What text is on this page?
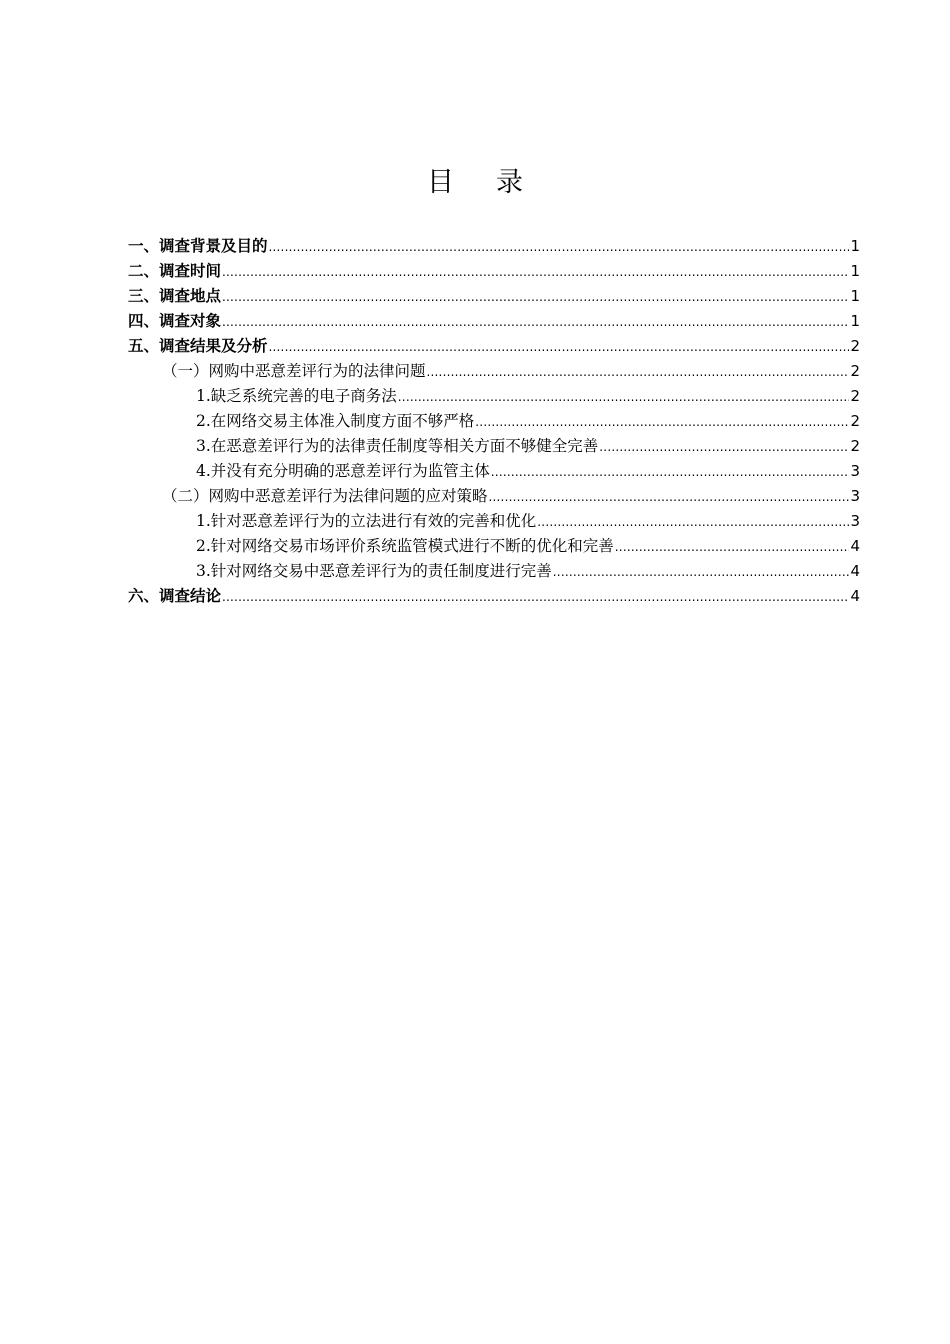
目 录
一、调查背景及目的 .....	1
二、调查时间 .....	1
三、调查地点 .....	1
四、调查对象 .....	1
五、调查结果及分析 .....	2
（一）网购中恶意差评行为的法律问题 .....	2
1.缺乏系统完善的电子商务法 .....	2
2.在网络交易主体准入制度方面不够严格 .....	2
3.在恶意差评行为的法律责任制度等相关方面不够健全完善 .....	2
4.并没有充分明确的恶意差评行为监管主体 .....	3
（二）网购中恶意差评行为法律问题的应对策略 .....	3
1.针对恶意差评行为的立法进行有效的完善和优化 .....	3
2.针对网络交易市场评价系统监管模式进行不断的优化和完善 .....	4
3.针对网络交易中恶意差评行为的责任制度进行完善 .....	4
六、调查结论 .....	4
